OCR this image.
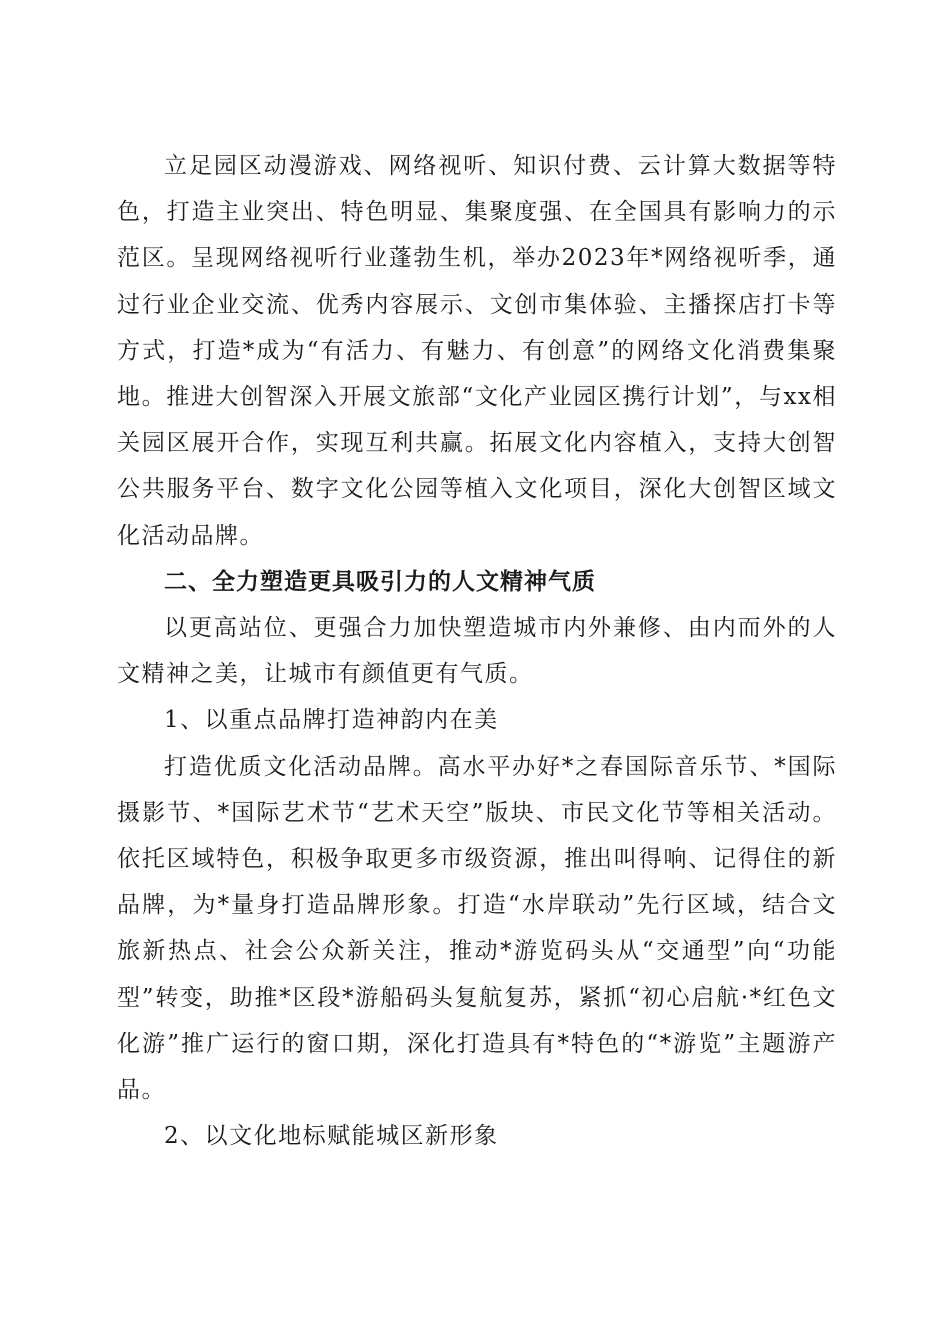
立足园区动漫游戏、网络视听、知识付费、云计算大数据等特色，打造主业突出、特色明显、集聚度强、在全国具有影响力的示范区。呈现网络视听行业蓬勃生机，举办2023年*网络视听季，通过行业企业交流、优秀内容展示、文创市集体验、主播探店打卡等方式，打造*成为“有活力、有魅力、有创意”的网络文化消费集聚地。推进大创智深入开展文旅部“文化产业园区携行计划”，与xx相关园区展开合作，实现互利共赢。拓展文化内容植入，支持大创智公共服务平台、数字文化公园等植入文化项目，深化大创智区域文化活动品牌。

二、全力塑造更具吸引力的人文精神气质

以更高站位、更强合力加快塑造城市内外兼修、由内而外的人文精神之美，让城市有颜值更有气质。

1、以重点品牌打造神韵内在美

打造优质文化活动品牌。高水平办好*之春国际音乐节、*国际摄影节、*国际艺术节“艺术天空”版块、市民文化节等相关活动。依托区域特色，积极争取更多市级资源，推出叫得响、记得住的新品牌，为*量身打造品牌形象。打造“水岸联动”先行区域，结合文旅新热点、社会公众新关注，推动*游览码头从“交通型”向“功能型”转变，助推*区段*游船码头复航复苏，紧抓“初心启航·*红色文化游”推广运行的窗口期，深化打造具有*特色的“*游览”主题游产品。

2、以文化地标赋能城区新形象
